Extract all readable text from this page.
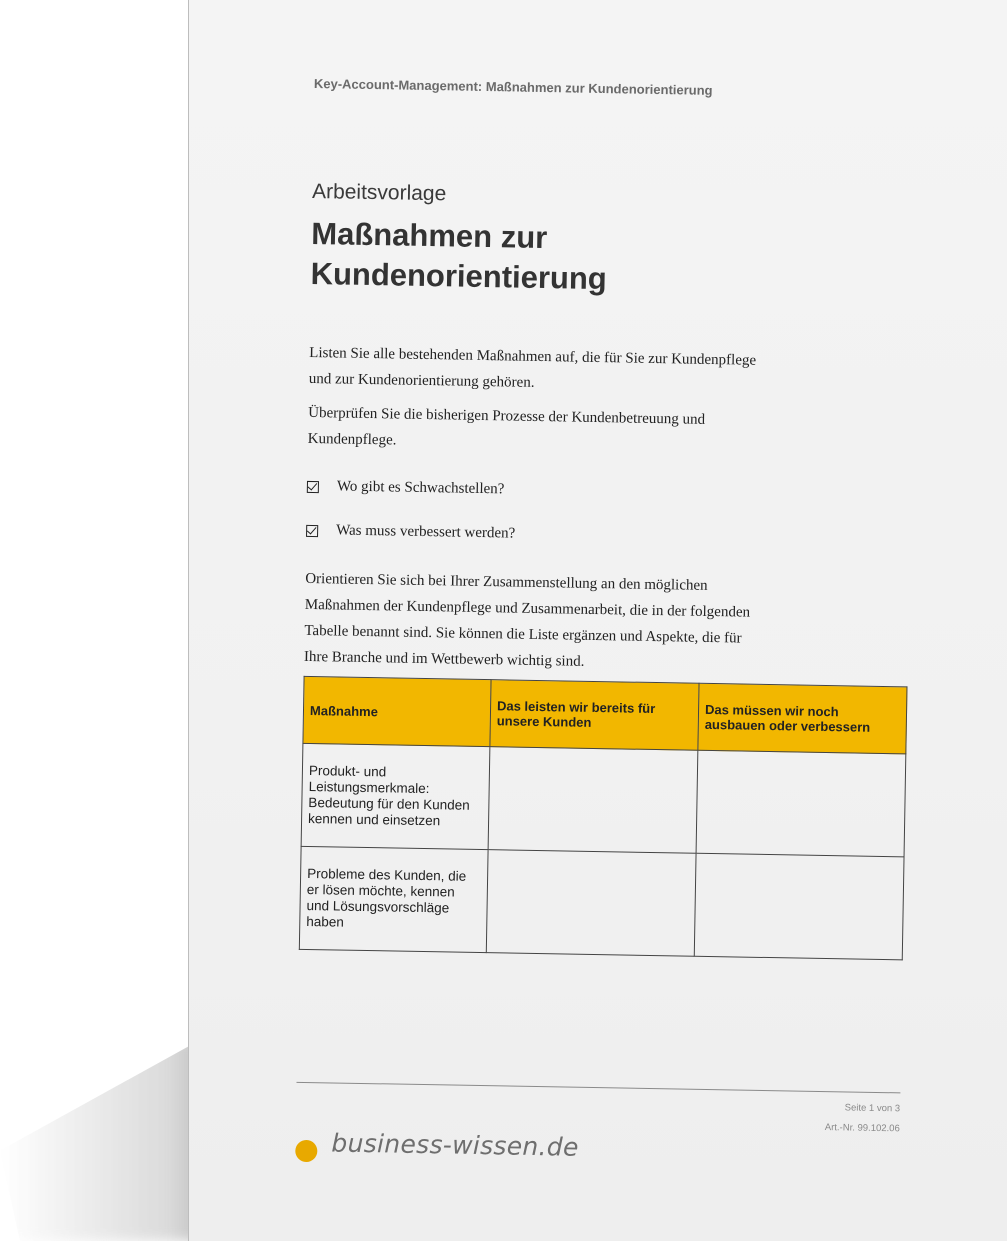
Key-Account-Management: Maßnahmen zur Kundenorientierung
Arbeitsvorlage
Maßnahmen zur
Kundenorientierung
Listen Sie alle bestehenden Maßnahmen auf, die für Sie zur Kundenpflege
und zur Kundenorientierung gehören.
Überprüfen Sie die bisherigen Prozesse der Kundenbetreuung und
Kundenpflege.
Wo gibt es Schwachstellen?
Was muss verbessert werden?
Orientieren Sie sich bei Ihrer Zusammenstellung an den möglichen
Maßnahmen der Kundenpflege und Zusammenarbeit, die in der folgenden
Tabelle benannt sind. Sie können die Liste ergänzen und Aspekte, die für
Ihre Branche und im Wettbewerb wichtig sind.
Maßnahme	Das leisten wir bereits für unsere Kunden	Das müssen wir noch ausbauen oder verbessern
Produkt- und Leistungsmerkmale: Bedeutung für den Kunden kennen und einsetzen		
Probleme des Kunden, die er lösen möchte, kennen und Lösungsvorschläge haben		
Seite 1 von 3
Art.-Nr. 99.102.06
business-wissen.de
